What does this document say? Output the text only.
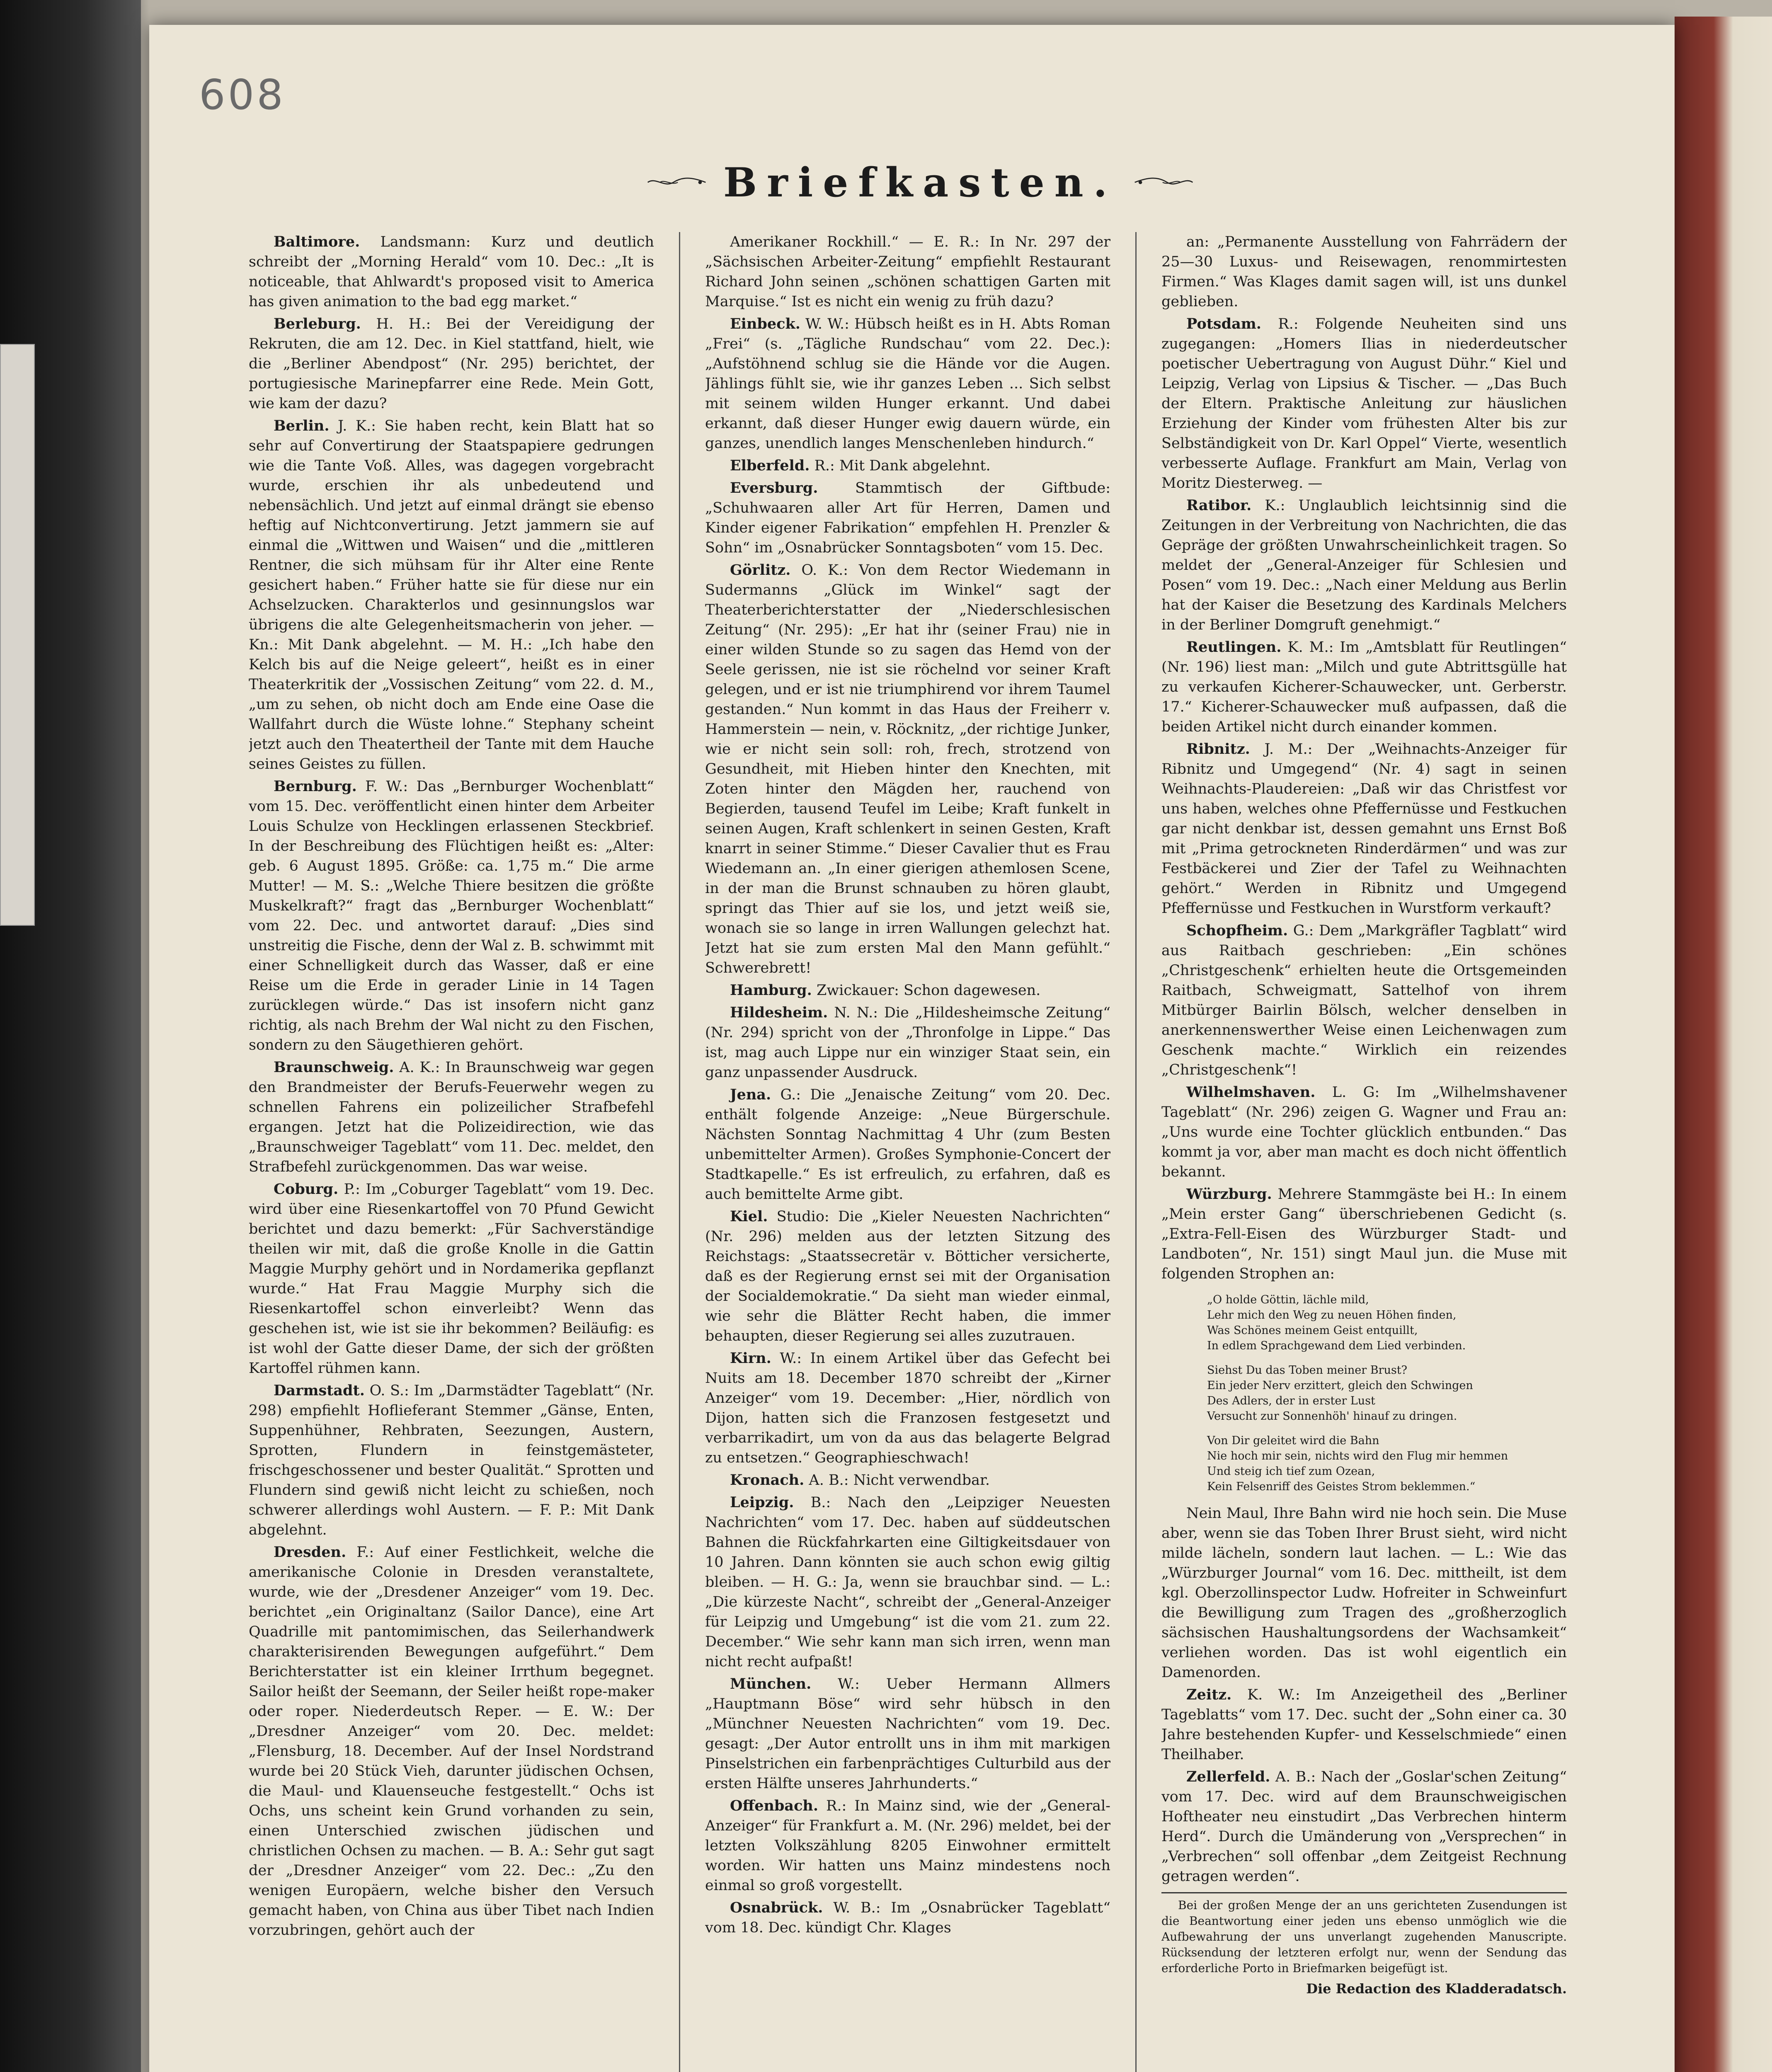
608
Briefkasten.

Baltimore. Landsmann: Kurz und deutlich schreibt der „Morning Herald“ vom 10. Dec.: „It is noticeable, that Ahlwardt's proposed visit to America has given animation to the bad egg market.“

Berleburg. H. H.: Bei der Vereidigung der Rekruten, die am 12. Dec. in Kiel stattfand, hielt, wie die „Berliner Abendpost“ (Nr. 295) berichtet, der portugiesische Marinepfarrer eine Rede. Mein Gott, wie kam der dazu?

Berlin. J. K.: Sie haben recht, kein Blatt hat so sehr auf Convertirung der Staatspapiere gedrungen wie die Tante Voß. Alles, was dagegen vorgebracht wurde, erschien ihr als unbedeutend und nebensächlich. Und jetzt auf einmal drängt sie ebenso heftig auf Nichtconvertirung. Jetzt jammern sie auf einmal die „Wittwen und Waisen“ und die „mittleren Rentner, die sich mühsam für ihr Alter eine Rente gesichert haben.“ Früher hatte sie für diese nur ein Achselzucken. Charakterlos und gesinnungslos war übrigens die alte Gelegenheitsmacherin von jeher. — Kn.: Mit Dank abgelehnt. — M. H.: „Ich habe den Kelch bis auf die Neige geleert“, heißt es in einer Theaterkritik der „Vossischen Zeitung“ vom 22. d. M., „um zu sehen, ob nicht doch am Ende eine Oase die Wallfahrt durch die Wüste lohne.“ Stephany scheint jetzt auch den Theatertheil der Tante mit dem Hauche seines Geistes zu füllen.

Bernburg. F. W.: Das „Bernburger Wochenblatt“ vom 15. Dec. veröffentlicht einen hinter dem Arbeiter Louis Schulze von Hecklingen erlassenen Steckbrief. In der Beschreibung des Flüchtigen heißt es: „Alter: geb. 6 August 1895. Größe: ca. 1,75 m.“ Die arme Mutter! — M. S.: „Welche Thiere besitzen die größte Muskelkraft?“ fragt das „Bernburger Wochenblatt“ vom 22. Dec. und antwortet darauf: „Dies sind unstreitig die Fische, denn der Wal z. B. schwimmt mit einer Schnelligkeit durch das Wasser, daß er eine Reise um die Erde in gerader Linie in 14 Tagen zurücklegen würde.“ Das ist insofern nicht ganz richtig, als nach Brehm der Wal nicht zu den Fischen, sondern zu den Säugethieren gehört.

Braunschweig. A. K.: In Braunschweig war gegen den Brandmeister der Berufs-Feuerwehr wegen zu schnellen Fahrens ein polizeilicher Strafbefehl ergangen. Jetzt hat die Polizeidirection, wie das „Braunschweiger Tageblatt“ vom 11. Dec. meldet, den Strafbefehl zurückgenommen. Das war weise.

Coburg. P.: Im „Coburger Tageblatt“ vom 19. Dec. wird über eine Riesenkartoffel von 70 Pfund Gewicht berichtet und dazu bemerkt: „Für Sachverständige theilen wir mit, daß die große Knolle in die Gattin Maggie Murphy gehört und in Nordamerika gepflanzt wurde.“ Hat Frau Maggie Murphy sich die Riesenkartoffel schon einverleibt? Wenn das geschehen ist, wie ist sie ihr bekommen? Beiläufig: es ist wohl der Gatte dieser Dame, der sich der größten Kartoffel rühmen kann.

Darmstadt. O. S.: Im „Darmstädter Tageblatt“ (Nr. 298) empfiehlt Hoflieferant Stemmer „Gänse, Enten, Suppenhühner, Rehbraten, Seezungen, Austern, Sprotten, Flundern in feinstgemästeter, frischgeschossener und bester Qualität.“ Sprotten und Flundern sind gewiß nicht leicht zu schießen, noch schwerer allerdings wohl Austern. — F. P.: Mit Dank abgelehnt.

Dresden. F.: Auf einer Festlichkeit, welche die amerikanische Colonie in Dresden veranstaltete, wurde, wie der „Dresdener Anzeiger“ vom 19. Dec. berichtet „ein Originaltanz (Sailor Dance), eine Art Quadrille mit pantomimischen, das Seilerhandwerk charakterisirenden Bewegungen aufgeführt.“ Dem Berichterstatter ist ein kleiner Irrthum begegnet. Sailor heißt der Seemann, der Seiler heißt rope-maker oder roper. Niederdeutsch Reper. — E. W.: Der „Dresdner Anzeiger“ vom 20. Dec. meldet: „Flensburg, 18. December. Auf der Insel Nordstrand wurde bei 20 Stück Vieh, darunter jüdischen Ochsen, die Maul- und Klauenseuche festgestellt.“ Ochs ist Ochs, uns scheint kein Grund vorhanden zu sein, einen Unterschied zwischen jüdischen und christlichen Ochsen zu machen. — B. A.: Sehr gut sagt der „Dresdner Anzeiger“ vom 22. Dec.: „Zu den wenigen Europäern, welche bisher den Versuch gemacht haben, von China aus über Tibet nach Indien vorzubringen, gehört auch der

Amerikaner Rockhill.“ — E. R.: In Nr. 297 der „Sächsischen Arbeiter-Zeitung“ empfiehlt Restaurant Richard John seinen „schönen schattigen Garten mit Marquise.“ Ist es nicht ein wenig zu früh dazu?

Einbeck. W. W.: Hübsch heißt es in H. Abts Roman „Frei“ (s. „Tägliche Rundschau“ vom 22. Dec.): „Aufstöhnend schlug sie die Hände vor die Augen. Jählings fühlt sie, wie ihr ganzes Leben ... Sich selbst mit seinem wilden Hunger erkannt. Und dabei erkannt, daß dieser Hunger ewig dauern würde, ein ganzes, unendlich langes Menschenleben hindurch.“

Elberfeld. R.: Mit Dank abgelehnt.

Eversburg.	Stammtisch der Giftbude: „Schuhwaaren aller Art für Herren, Damen und Kinder eigener Fabrikation“ empfehlen H. Prenzler & Sohn“ im „Osnabrücker Sonntagsboten“ vom 15. Dec.

Görlitz. O. K.: Von dem Rector Wiedemann in Sudermanns „Glück im Winkel“ sagt der Theaterberichterstatter der „Niederschlesischen Zeitung“ (Nr. 295): „Er hat ihr (seiner Frau) nie in einer wilden Stunde so zu sagen das Hemd von der Seele gerissen, nie ist sie röchelnd vor seiner Kraft gelegen, und er ist nie triumphirend vor ihrem Taumel gestanden.“ Nun kommt in das Haus der Freiherr v. Hammerstein — nein, v. Röcknitz, „der richtige Junker, wie er nicht sein soll: roh, frech, strotzend von Gesundheit, mit Hieben hinter den Knechten, mit Zoten hinter den Mägden her, rauchend von Begierden, tausend Teufel im Leibe; Kraft funkelt in seinen Augen, Kraft schlenkert in seinen Gesten, Kraft knarrt in seiner Stimme.“ Dieser Cavalier thut es Frau Wiedemann an. „In einer gierigen athemlosen Scene, in der man die Brunst schnauben zu hören glaubt, springt das Thier auf sie los, und jetzt weiß sie, wonach sie so lange in irren Wallungen gelechzt hat. Jetzt hat sie zum ersten Mal den Mann gefühlt.“ Schwerebrett!

Hamburg. Zwickauer: Schon dagewesen.

Hildesheim. N. N.: Die „Hildesheimsche Zeitung“ (Nr. 294) spricht von der „Thronfolge in Lippe.“ Das ist, mag auch Lippe nur ein winziger Staat sein, ein ganz unpassender Ausdruck.

Jena. G.: Die „Jenaische Zeitung“ vom 20. Dec. enthält folgende Anzeige: „Neue Bürgerschule. Nächsten Sonntag Nachmittag 4 Uhr (zum Besten unbemittelter Armen). Großes Symphonie-Concert der Stadtkapelle.“ Es ist erfreulich, zu erfahren, daß es auch bemittelte Arme gibt.

Kiel. Studio: Die „Kieler Neuesten Nachrichten“ (Nr. 296) melden aus der letzten Sitzung des Reichstags: „Staatssecretär v. Bötticher versicherte, daß es der Regierung ernst sei mit der Organisation der Socialdemokratie.“ Da sieht man wieder einmal, wie sehr die Blätter Recht haben, die immer behaupten, dieser Regierung sei alles zuzutrauen.

Kirn. W.: In einem Artikel über das Gefecht bei Nuits am 18. December 1870 schreibt der „Kirner Anzeiger“ vom 19. December: „Hier, nördlich von Dijon, hatten sich die Franzosen festgesetzt und verbarrikadirt, um von da aus das belagerte Belgrad zu entsetzen.“ Geographieschwach!

Kronach. A. B.: Nicht verwendbar.

Leipzig. B.: Nach den „Leipziger Neuesten Nachrichten“ vom 17. Dec. haben auf süddeutschen Bahnen die Rückfahrkarten eine Giltigkeitsdauer von 10 Jahren. Dann könnten sie auch schon ewig giltig bleiben. — H. G.: Ja, wenn sie brauchbar sind. — L.: „Die kürzeste Nacht“, schreibt der „General-Anzeiger für Leipzig und Umgebung“ ist die vom 21. zum 22. December.“ Wie sehr kann man sich irren, wenn man nicht recht aufpaßt!

München. W.: Ueber Hermann Allmers „Hauptmann Böse“ wird sehr hübsch in den „Münchner Neuesten Nachrichten“ vom 19. Dec. gesagt: „Der Autor entrollt uns in ihm mit markigen Pinselstrichen ein farbenprächtiges Culturbild aus der ersten Hälfte unseres Jahrhunderts.“

Offenbach. R.: In Mainz sind, wie der „General-Anzeiger“ für Frankfurt a. M. (Nr. 296) meldet, bei der letzten Volkszählung 8205 Einwohner ermittelt worden. Wir hatten uns Mainz mindestens noch einmal so groß vorgestellt.

Osnabrück. W. B.: Im „Osnabrücker Tageblatt“ vom 18. Dec. kündigt Chr. Klages

an: „Permanente Ausstellung von Fahrrädern der 25—30 Luxus- und Reisewagen, renommirtesten Firmen.“ Was Klages damit sagen will, ist uns dunkel geblieben.

Potsdam. R.: Folgende Neuheiten sind uns zugegangen: „Homers Ilias in niederdeutscher poetischer Uebertragung von August Dühr.“ Kiel und Leipzig, Verlag von Lipsius & Tischer. — „Das Buch der Eltern. Praktische Anleitung zur häuslichen Erziehung der Kinder vom frühesten Alter bis zur Selbständigkeit von Dr. Karl Oppel“ Vierte, wesentlich verbesserte Auflage. Frankfurt am Main, Verlag von Moritz Diesterweg. —

Ratibor. K.: Unglaublich leichtsinnig sind die Zeitungen in der Verbreitung von Nachrichten, die das Gepräge der größten Unwahrscheinlichkeit tragen. So meldet der „General-Anzeiger für Schlesien und Posen“ vom 19. Dec.: „Nach einer Meldung aus Berlin hat der Kaiser die Besetzung des Kardinals Melchers in der Berliner Domgruft genehmigt.“

Reutlingen. K. M.: Im „Amtsblatt für Reutlingen“ (Nr. 196) liest man: „Milch und gute Abtrittsgülle hat zu verkaufen Kicherer-Schauwecker, unt. Gerberstr. 17.“ Kicherer-Schauwecker muß aufpassen, daß die beiden Artikel nicht durch einander kommen.

Ribnitz. J. M.: Der „Weihnachts-Anzeiger für Ribnitz und Umgegend“ (Nr. 4) sagt in seinen Weihnachts-Plaudereien: „Daß wir das Christfest vor uns haben, welches ohne Pfeffernüsse und Festkuchen gar nicht denkbar ist, dessen gemahnt uns Ernst Boß mit „Prima getrockneten Rinderdärmen“ und was zur Festbäckerei und Zier der Tafel zu Weihnachten gehört.“ Werden in Ribnitz und Umgegend Pfeffernüsse und Festkuchen in Wurstform verkauft?

Schopfheim. G.: Dem „Markgräfler Tagblatt“ wird aus Raitbach geschrieben: „Ein schönes „Christgeschenk“ erhielten heute die Ortsgemeinden Raitbach, Schweigmatt, Sattelhof von ihrem Mitbürger Bairlin Bölsch, welcher denselben in anerkennenswerther Weise einen Leichenwagen zum Geschenk machte.“ Wirklich ein reizendes „Christgeschenk“!

Wilhelmshaven. L. G: Im „Wilhelmshavener Tageblatt“ (Nr. 296) zeigen G. Wagner und Frau an: „Uns wurde eine Tochter glücklich entbunden.“ Das kommt ja vor, aber man macht es doch nicht öffentlich bekannt.

Würzburg. Mehrere Stammgäste bei H.: In einem „Mein erster Gang“ überschriebenen Gedicht (s. „Extra-Fell-Eisen des Würzburger Stadt- und Landboten“, Nr. 151) singt Maul jun. die Muse mit folgenden Strophen an:

„O holde Göttin, lächle mild,
Lehr mich den Weg zu neuen Höhen finden,
Was Schönes meinem Geist entquillt,
In edlem Sprachgewand dem Lied verbinden.
Siehst Du das Toben meiner Brust?
Ein jeder Nerv erzittert, gleich den Schwingen
Des Adlers, der in erster Lust
Versucht zur Sonnenhöh' hinauf zu dringen.
Von Dir geleitet wird die Bahn
Nie hoch mir sein, nichts wird den Flug mir hemmen
Und steig ich tief zum Ozean,
Kein Felsenriff des Geistes Strom beklemmen.“

Nein Maul, Ihre Bahn wird nie hoch sein. Die Muse aber, wenn sie das Toben Ihrer Brust sieht, wird nicht milde lächeln, sondern laut lachen. — L.: Wie das „Würzburger Journal“ vom 16. Dec. mittheilt, ist dem kgl. Oberzollinspector Ludw. Hofreiter in Schweinfurt die Bewilligung zum Tragen des „großherzoglich sächsischen Haushaltungsordens der Wachsamkeit“ verliehen worden. Das ist wohl eigentlich ein Damenorden.

Zeitz. K. W.: Im Anzeigetheil des „Berliner Tageblatts“ vom 17. Dec. sucht der „Sohn einer ca. 30 Jahre bestehenden Kupfer- und Kesselschmiede“ einen Theilhaber.

Zellerfeld. A. B.: Nach der „Goslar'schen Zeitung“ vom 17. Dec. wird auf dem Braunschweigischen Hoftheater neu einstudirt „Das Verbrechen hinterm Herd“. Durch die Umänderung von „Versprechen“ in „Verbrechen“ soll offenbar „dem Zeitgeist Rechnung getragen werden“.

Bei der großen Menge der an uns gerichteten Zusendungen ist die Beantwortung einer jeden uns ebenso unmöglich wie die Aufbewahrung der uns unverlangt zugehenden Manuscripte. Rücksendung der letzteren erfolgt nur, wenn der Sendung das erforderliche Porto in Briefmarken beigefügt ist.
Die Redaction des Kladderadatsch.
